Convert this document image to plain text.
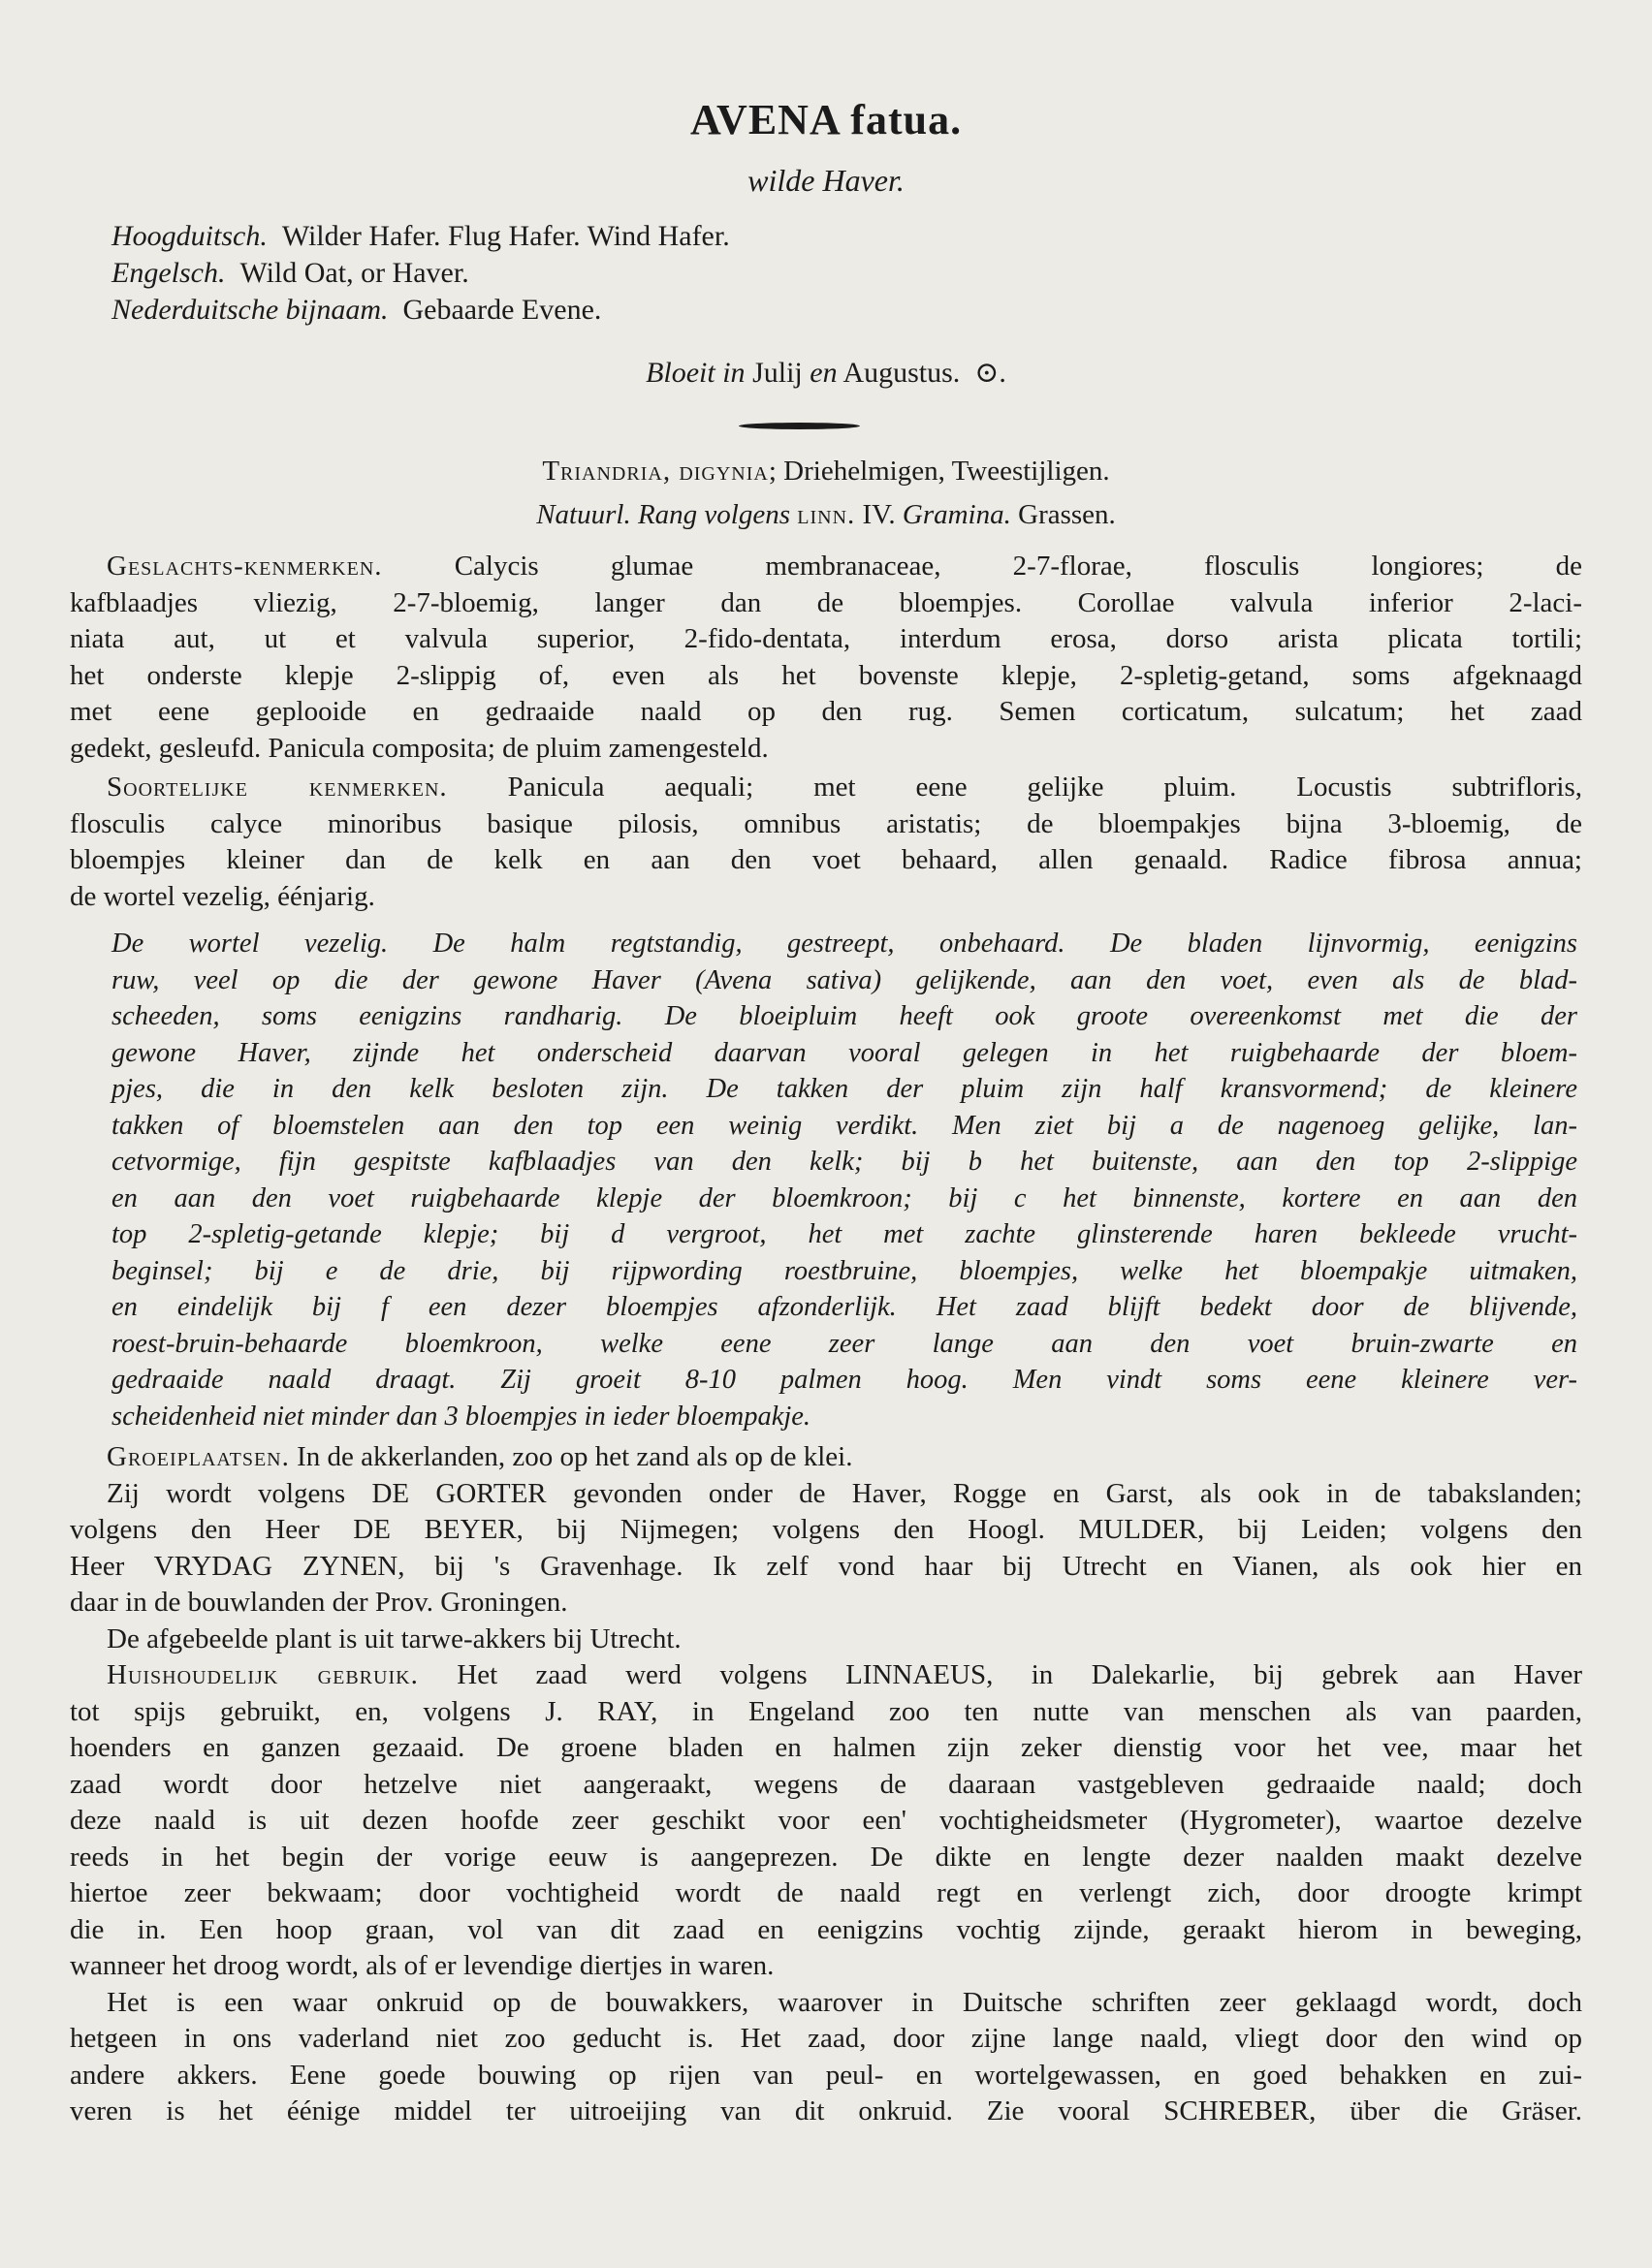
AVENA fatua.
wilde Haver.
Hoogduitsch. Wilder Hafer. Flug Hafer. Wind Hafer.
Engelsch. Wild Oat, or Haver.
Nederduitsche bijnaam. Gebaarde Evene.
Bloeit in Julij en Augustus. ⊙.
Triandria, digynia; Driehelmigen, Tweestijligen.
Natuurl. Rang volgens linn. IV. Gramina. Grassen.
Geslachts-kenmerken.	Calycis glumae membranaceae, 2-7-florae, flosculis longiores; de
kafblaadjes vliezig, 2-7-bloemig, langer dan de bloempjes. Corollae valvula inferior 2-laci-
niata aut, ut et valvula superior, 2-fido-dentata, interdum erosa, dorso arista plicata tortili;
het onderste klepje 2-slippig of, even als het bovenste klepje, 2-spletig-getand, soms afgeknaagd
met eene geplooide en gedraaide naald op den rug. Semen corticatum, sulcatum; het zaad
gedekt, gesleufd. Panicula composita; de pluim zamengesteld.
Soortelijke kenmerken. Panicula aequali; met eene gelijke pluim. Locustis subtrifloris,
flosculis calyce minoribus basique pilosis, omnibus aristatis; de bloempakjes bijna 3-bloemig, de
bloempjes kleiner dan de kelk en aan den voet behaard, allen genaald. Radice fibrosa annua;
de wortel vezelig, éénjarig.
De wortel vezelig. De halm regtstandig, gestreept, onbehaard. De bladen lijnvormig, eenigzins
ruw, veel op die der gewone Haver (Avena sativa) gelijkende, aan den voet, even als de blad-
scheeden, soms eenigzins randharig. De bloeipluim heeft ook groote overeenkomst met die der
gewone Haver, zijnde het onderscheid daarvan vooral gelegen in het ruigbehaarde der bloem-
pjes, die in den kelk besloten zijn. De takken der pluim zijn half kransvormend; de kleinere
takken of bloemstelen aan den top een weinig verdikt. Men ziet bij a de nagenoeg gelijke, lan-
cetvormige, fijn gespitste kafblaadjes van den kelk; bij b het buitenste, aan den top 2-slippige
en aan den voet ruigbehaarde klepje der bloemkroon; bij c het binnenste, kortere en aan den
top 2-spletig-getande klepje; bij d vergroot, het met zachte glinsterende haren bekleede vrucht-
beginsel; bij e de drie, bij rijpwording roestbruine, bloempjes, welke het bloempakje uitmaken,
en eindelijk bij f een dezer bloempjes afzonderlijk. Het zaad blijft bedekt door de blijvende,
roest-bruin-behaarde bloemkroon, welke eene zeer lange aan den voet bruin-zwarte en
gedraaide naald draagt. Zij groeit 8-10 palmen hoog. Men vindt soms eene kleinere ver-
scheidenheid niet minder dan 3 bloempjes in ieder bloempakje.
Groeiplaatsen. In de akkerlanden, zoo op het zand als op de klei.
Zij wordt volgens DE GORTER gevonden onder de Haver, Rogge en Garst, als ook in de tabakslanden;
volgens den Heer DE BEYER, bij Nijmegen; volgens den Hoogl. MULDER, bij Leiden; volgens den
Heer VRYDAG ZYNEN, bij 's Gravenhage. Ik zelf vond haar bij Utrecht en Vianen, als ook hier en
daar in de bouwlanden der Prov. Groningen.
De afgebeelde plant is uit tarwe-akkers bij Utrecht.
Huishoudelijk gebruik. Het zaad werd volgens LINNAEUS, in Dalekarlie, bij gebrek aan Haver
tot spijs gebruikt, en, volgens J. RAY, in Engeland zoo ten nutte van menschen als van paarden,
hoenders en ganzen gezaaid. De groene bladen en halmen zijn zeker dienstig voor het vee, maar het
zaad wordt door hetzelve niet aangeraakt, wegens de daaraan vastgebleven gedraaide naald; doch
deze naald is uit dezen hoofde zeer geschikt voor een' vochtigheidsmeter (Hygrometer), waartoe dezelve
reeds in het begin der vorige eeuw is aangeprezen. De dikte en lengte dezer naalden maakt dezelve
hiertoe zeer bekwaam; door vochtigheid wordt de naald regt en verlengt zich, door droogte krimpt
die in. Een hoop graan, vol van dit zaad en eenigzins vochtig zijnde, geraakt hierom in beweging,
wanneer het droog wordt, als of er levendige diertjes in waren.
Het is een waar onkruid op de bouwakkers, waarover in Duitsche schriften zeer geklaagd wordt, doch
hetgeen in ons vaderland niet zoo geducht is. Het zaad, door zijne lange naald, vliegt door den wind op
andere akkers. Eene goede bouwing op rijen van peul- en wortelgewassen, en goed behakken en zui-
veren is het éénige middel ter uitroeijing van dit onkruid. Zie vooral SCHREBER, über die Gräser.
